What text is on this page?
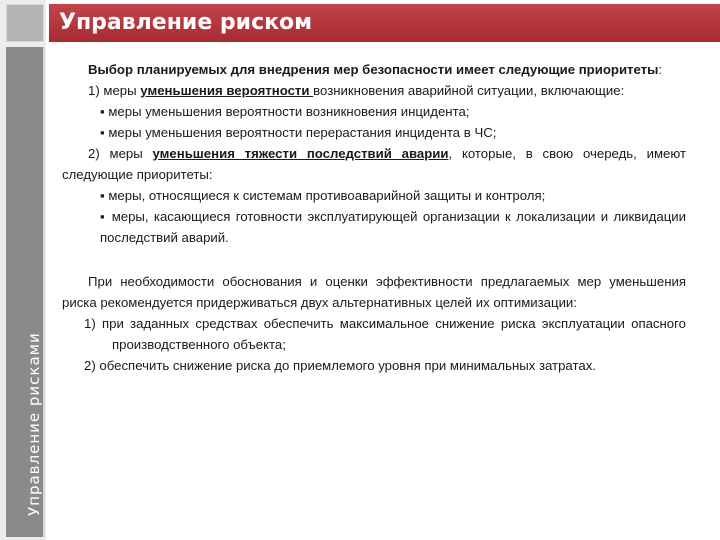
Управление рисками
Управление риском

Выбор планируемых для внедрения мер безопасности имеет следующие приоритеты:

1) меры уменьшения вероятности возникновения аварийной ситуации, включающие:

▪ меры уменьшения вероятности возникновения инцидента;

▪ меры уменьшения вероятности перерастания инцидента в ЧС;

2) меры уменьшения тяжести последствий аварии, которые, в свою очередь, имеют следующие приоритеты:

▪ меры, относящиеся к системам противоаварийной защиты и контроля;

▪ меры, касающиеся готовности эксплуатирующей организации к локализации и ликвидации последствий аварий.

При необходимости обоснования и оценки эффективности предлагаемых мер уменьшения риска рекомендуется придерживаться двух альтернативных целей их оптимизации:

1) при заданных средствах обеспечить максимальное снижение риска эксплуатации опасного производственного объекта;

2) обеспечить снижение риска до приемлемого уровня при минимальных затратах.
